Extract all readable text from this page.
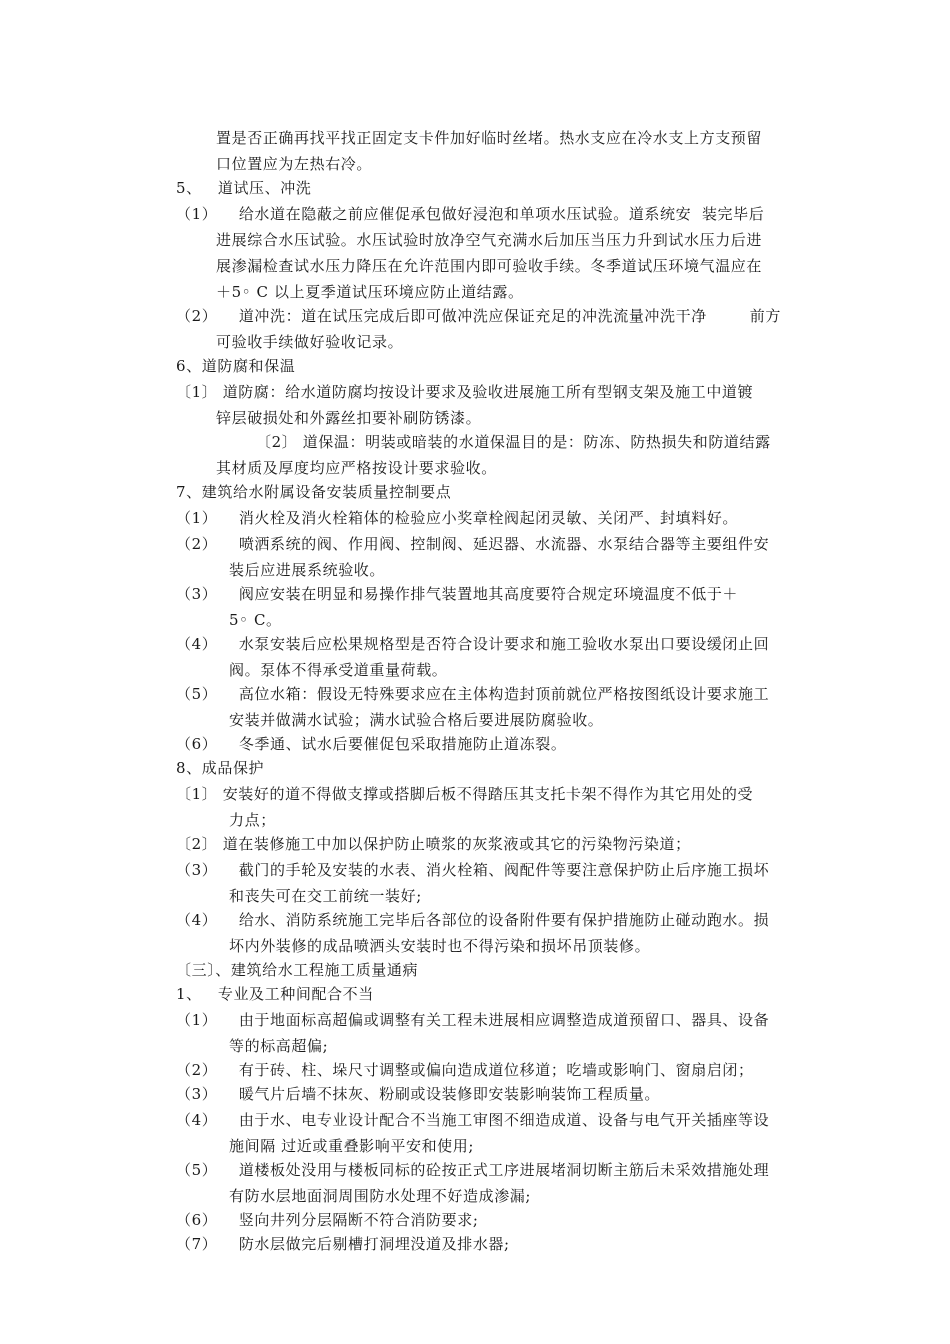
置是否正确再找平找正固定支卡件加好临时丝堵。热水支应在冷水支上方支预留
口位置应为左热右冷。
5、   道试压、冲洗
（1）    给水道在隐蔽之前应催促承包做好浸泡和单项水压试验。道系统安  装完毕后
进展综合水压试验。水压试验时放净空气充满水后加压当压力升到试水压力后进
展渗漏检查试水压力降压在允许范围内即可验收手续。冬季道试压环境气温应在
＋5◦ C 以上夏季道试压环境应防止道结露。
（2）    道冲洗：道在试压完成后即可做冲洗应保证充足的冲洗流量冲洗干净        前方
可验收手续做好验收记录。
6、道防腐和保温
〔1〕 道防腐：给水道防腐均按设计要求及验收进展施工所有型钢支架及施工中道镀
锌层破损处和外露丝扣要补刷防锈漆。
〔2〕 道保温：明装或暗装的水道保温目的是：防冻、防热损失和防道结露
其材质及厚度均应严格按设计要求验收。
7、建筑给水附属设备安装质量控制要点
（1）    消火栓及消火栓箱体的检验应小奖章栓阀起闭灵敏、关闭严、封填料好。
（2）    喷洒系统的阀、作用阀、控制阀、延迟器、水流器、水泵结合器等主要组件安
装后应进展系统验收。
（3）    阀应安装在明显和易操作排气装置地其高度要符合规定环境温度不低于＋
5◦ C。
（4）    水泵安装后应松果规格型是否符合设计要求和施工验收水泵出口要设缓闭止回
阀。泵体不得承受道重量荷载。
（5）    高位水箱：假设无特殊要求应在主体构造封顶前就位严格按图纸设计要求施工
安装并做满水试验；满水试验合格后要进展防腐验收。
（6）    冬季通、试水后要催促包采取措施防止道冻裂。
8、成品保护
〔1〕 安装好的道不得做支撑或搭脚后板不得踏压其支托卡架不得作为其它用处的受
力点；
〔2〕 道在装修施工中加以保护防止喷浆的灰浆液或其它的污染物污染道；
（3）    截门的手轮及安装的水表、消火栓箱、阀配件等要注意保护防止后序施工损坏
和丧失可在交工前统一装好;
（4）    给水、消防系统施工完毕后各部位的设备附件要有保护措施防止碰动跑水。损
坏内外装修的成品喷洒头安装时也不得污染和损坏吊顶装修。
〔三〕、建筑给水工程施工质量通病
1、   专业及工种间配合不当
（1）    由于地面标高超偏或调整有关工程未进展相应调整造成道预留口、器具、设备
等的标高超偏;
（2）    有于砖、柱、垛尺寸调整或偏向造成道位移道；吃墙或影响门、窗扇启闭；
（3）    暖气片后墙不抹灰、粉刷或设装修即安装影响装饰工程质量。
（4）    由于水、电专业设计配合不当施工审图不细造成道、设备与电气开关插座等设
施间隔 过近或重叠影响平安和使用;
（5）    道楼板处没用与楼板同标的砼按正式工序进展堵洞切断主筋后未采效措施处理
有防水层地面洞周围防水处理不好造成渗漏;
（6）    竖向井列分层隔断不符合消防要求;
（7）    防水层做完后剔槽打洞埋没道及排水器;
